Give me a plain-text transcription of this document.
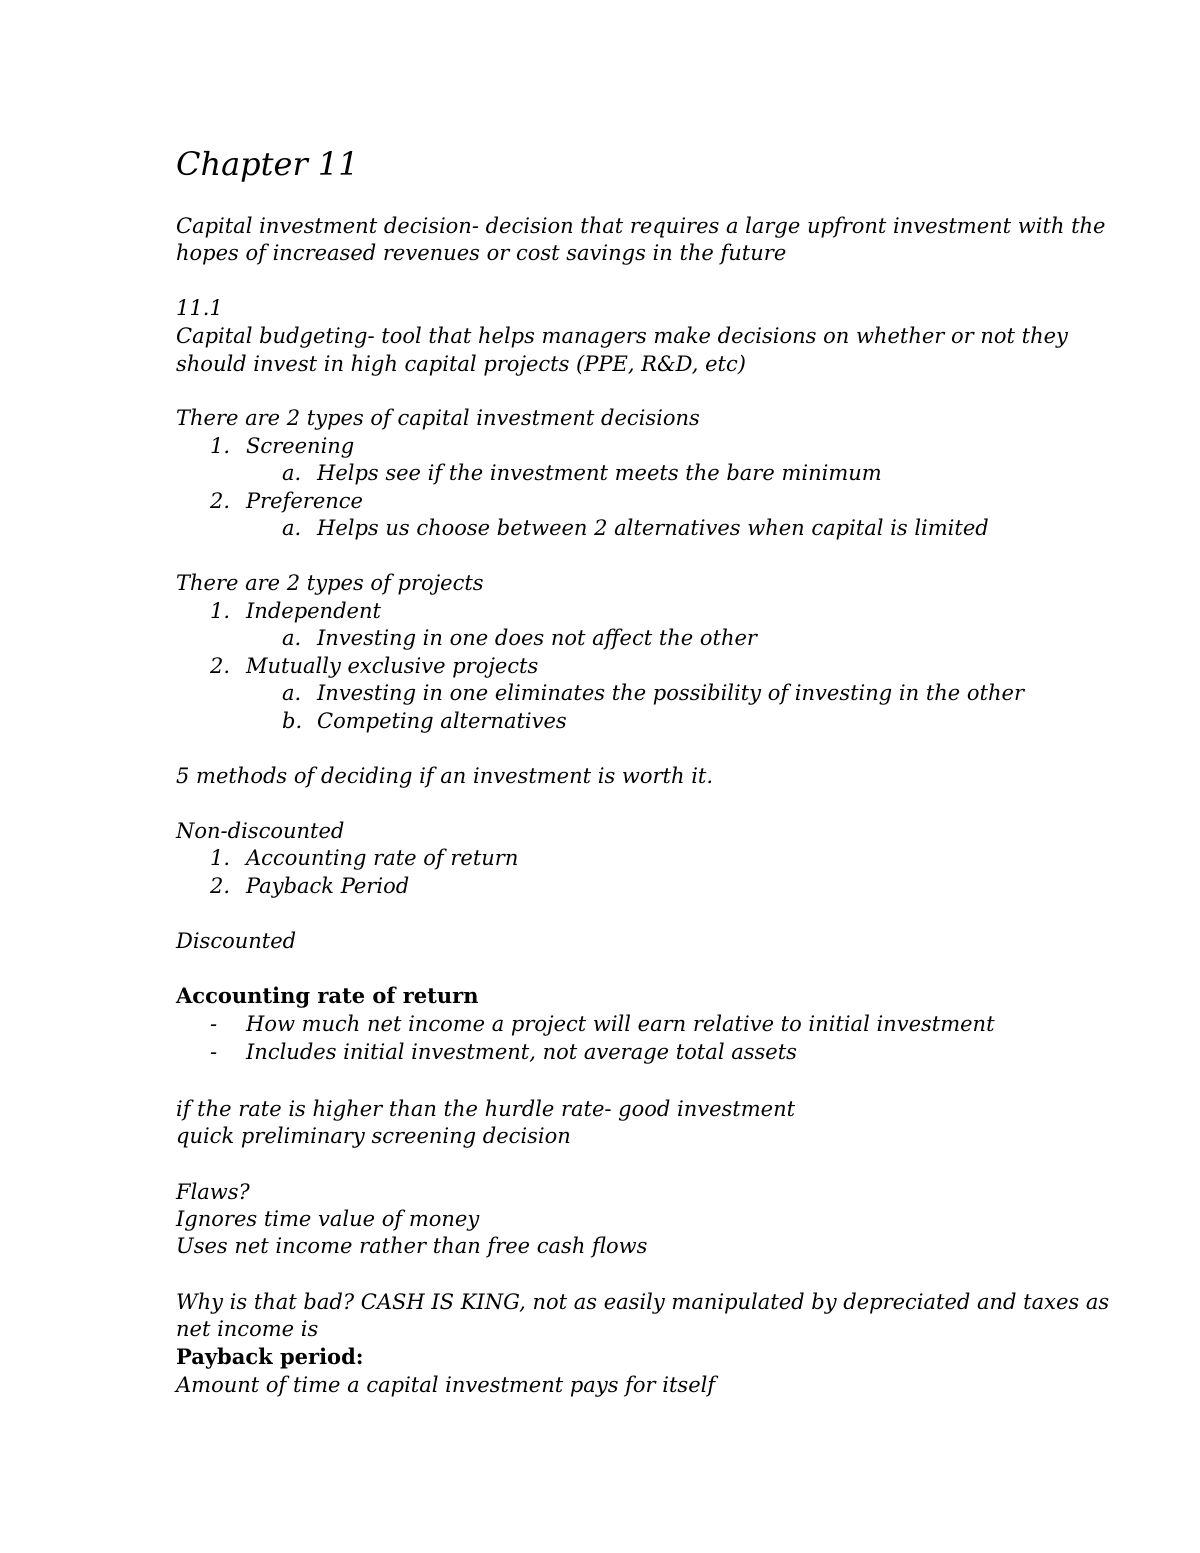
Chapter 11
Capital investment decision- decision that requires a large upfront investment with the
hopes of increased revenues or cost savings in the future
11.1
Capital budgeting- tool that helps managers make decisions on whether or not they
should invest in high capital projects (PPE, R&D, etc)
There are 2 types of capital investment decisions
1. Screening
a. Helps see if the investment meets the bare minimum
2. Preference
a. Helps us choose between 2 alternatives when capital is limited
There are 2 types of projects
1. Independent
a. Investing in one does not affect the other
2. Mutually exclusive projects
a. Investing in one eliminates the possibility of investing in the other
b. Competing alternatives
5 methods of deciding if an investment is worth it.
Non-discounted
1. Accounting rate of return
2. Payback Period
Discounted
Accounting rate of return
- How much net income a project will earn relative to initial investment
- Includes initial investment, not average total assets
if the rate is higher than the hurdle rate- good investment
quick preliminary screening decision
Flaws?
Ignores time value of money
Uses net income rather than free cash flows
Why is that bad? CASH IS KING, not as easily manipulated by depreciated and taxes as
net income is
Payback period:
Amount of time a capital investment pays for itself
